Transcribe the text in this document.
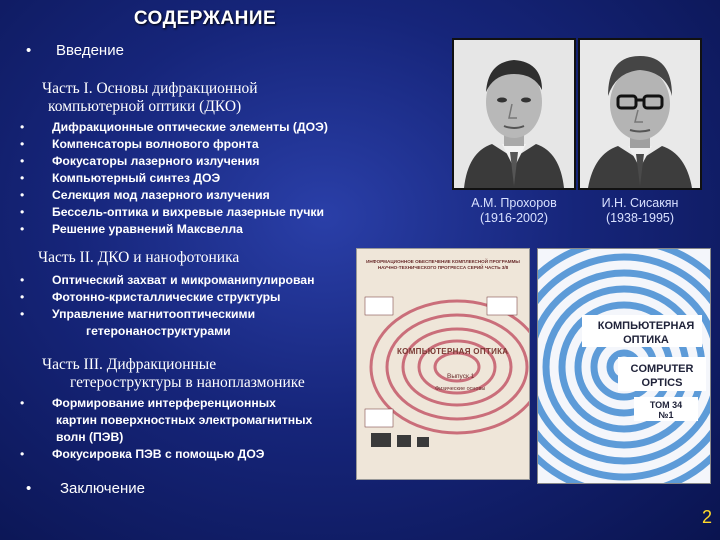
СОДЕРЖАНИЕ
• Введение
Часть I. Основы дифракционной
компьютерной оптики (ДКО)
• Дифракционные оптические элементы (ДОЭ)
• Компенсаторы волнового фронта
• Фокусаторы лазерного излучения
• Компьютерный синтез ДОЭ
• Селекция мод лазерного излучения
• Бессель-оптика и вихревые лазерные пучки
• Решение уравнений Максвелла
Часть II. ДКО и нанофотоника
• Оптический захват и микроманипулирован
• Фотонно-кристаллические структуры
• Управление магнитооптическими
гетеронаноструктурами
Часть III. Дифракционные
гетероструктуры в наноплазмонике
• Формирование интерференционных
картин поверхностных электромагнитных
волн (ПЭВ)
• Фокусировка ПЭВ с помощью ДОЭ
• Заключение
А.М. Прохоров
(1916-2002)
И.Н. Сисакян
(1938-1995)
ИНФОРМАЦИОННОЕ ОБЕСПЕЧЕНИЕ КОМПЛЕКСНОЙ ПРОГРАММЫ НАУЧНО-ТЕХНИЧЕСКОГО ПРОГРЕССА СЕРИЙ ЧАСТЬ 3/8
КОМПЬЮТЕРНАЯ ОПТИКА
Выпуск 1
Физические основы
КОМПЬЮТЕРНАЯ ОПТИКА
COMPUTER OPTICS
ТОМ 34
№1
2
